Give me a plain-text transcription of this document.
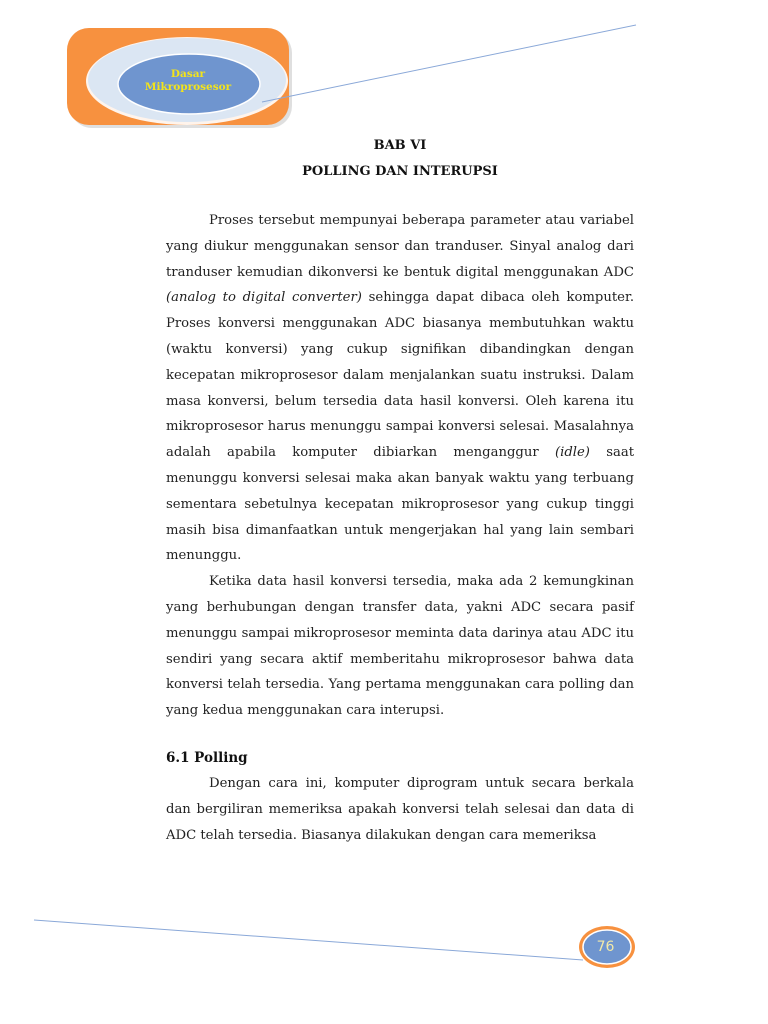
Dasar
Mikroprosesor
BAB VI
POLLING DAN INTERUPSI

Proses tersebut mempunyai beberapa parameter atau variabel yang diukur menggunakan sensor dan tranduser. Sinyal analog dari tranduser kemudian dikonversi ke bentuk digital menggunakan ADC (analog to digital converter) sehingga dapat dibaca oleh komputer. Proses konversi menggunakan ADC biasanya membutuhkan waktu (waktu konversi) yang cukup signifikan dibandingkan dengan kecepatan mikroprosesor dalam menjalankan suatu instruksi. Dalam masa konversi, belum tersedia data hasil konversi. Oleh karena itu mikroprosesor harus menunggu sampai konversi selesai. Masalahnya adalah apabila komputer dibiarkan menganggur (idle) saat menunggu konversi selesai maka akan banyak waktu yang terbuang sementara sebetulnya kecepatan mikroprosesor yang cukup tinggi masih bisa dimanfaatkan untuk mengerjakan hal yang lain sembari menunggu.

Ketika data hasil konversi tersedia, maka ada 2 kemungkinan yang berhubungan dengan transfer data, yakni ADC secara pasif menunggu sampai mikroprosesor meminta data darinya atau ADC itu sendiri yang secara aktif memberitahu mikroprosesor bahwa data konversi telah tersedia. Yang pertama menggunakan cara polling dan yang kedua menggunakan cara interupsi.

6.1 Polling

Dengan cara ini, komputer diprogram untuk secara berkala dan bergiliran memeriksa apakah konversi telah selesai dan data di ADC telah tersedia. Biasanya dilakukan dengan cara memeriksa

76
